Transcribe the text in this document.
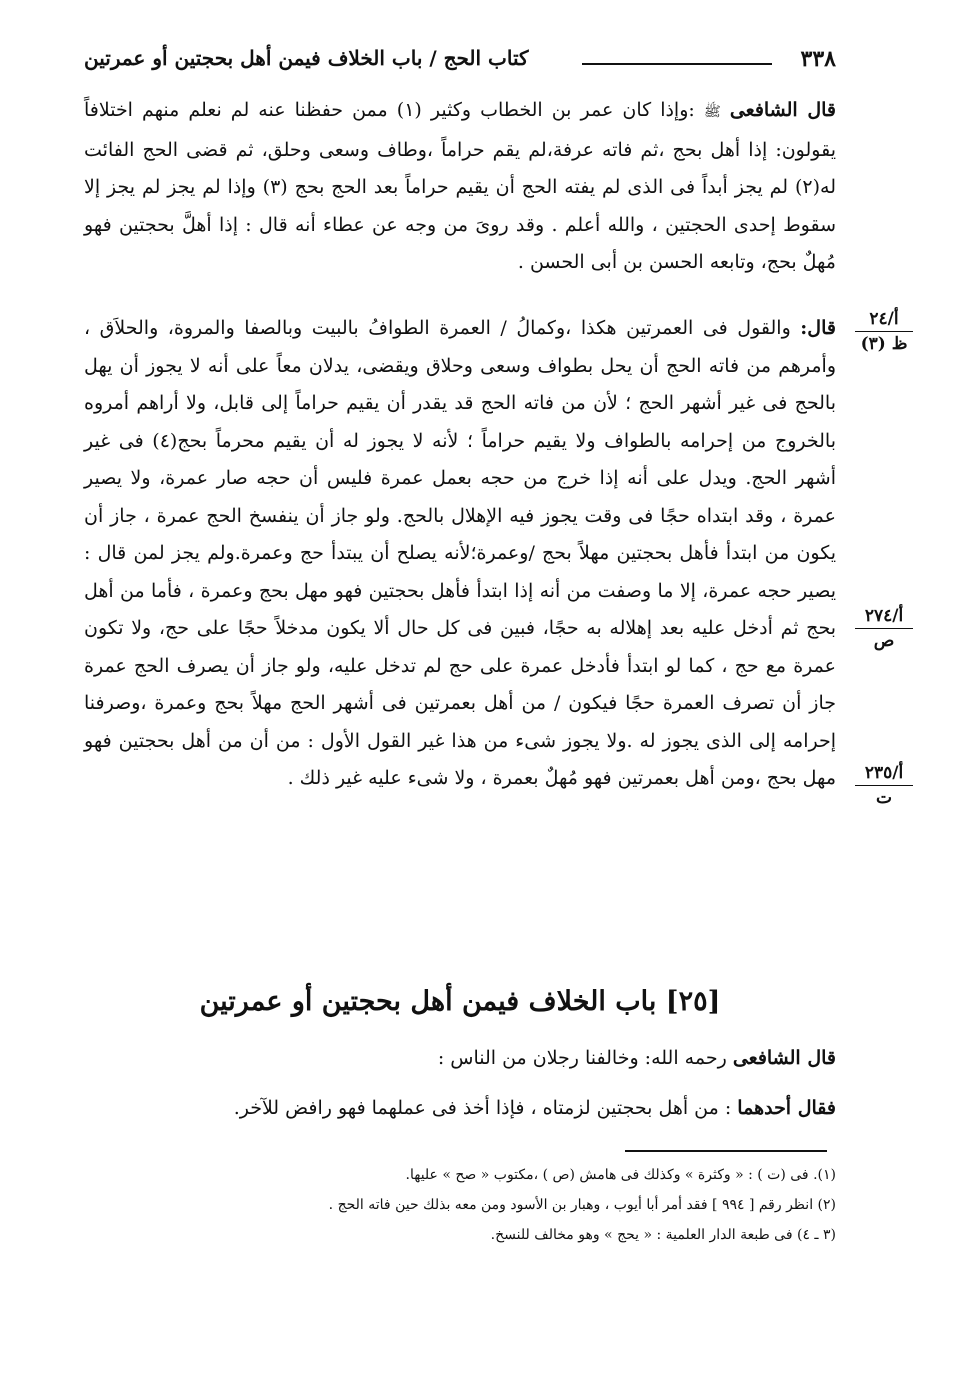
٣٣٨
كتاب الحج / باب الخلاف فيمن أهل بحجتين أو عمرتين

قال الشافعى ﷺ :وإذا كان عمر بن الخطاب وكثير (١) ممن حفظنا عنه لم نعلم منهم اختلافاً يقولون: إذا أهل بحج ،ثم فاته عرفة،لم يقم حراماً ،وطاف وسعى وحلق، ثم قضى الحج الفائت له(٢) لم يجز أبداً فى الذى لم يفته الحج أن يقيم حراماً بعد الحج بحج (٣) وإذا لم يجز لم يجز إلا سقوط إحدى الحجتين ، والله أعلم . وقد روىَ من وجه عن عطاء أنه قال : إذا أهلَّ بحجتين فهو مُهلٌ بحج، وتابعه الحسن بن أبى الحسن .

قال: والقول فى العمرتين هكذا ،وكمالُ / العمرة الطوافُ بالبيت وبالصفا والمروة، والحلاَق ، وأمرهم من فاته الحج أن يحل بطواف وسعى وحلاق ويقضى، يدلان معاً على أنه لا يجوز أن يهل بالحج فى غير أشهر الحج ؛ لأن من فاته الحج قد يقدر أن يقيم حراماً إلى قابل، ولا أراهم أمروه بالخروج من إحرامه بالطواف ولا يقيم حراماً ؛ لأنه لا يجوز له أن يقيم محرماً بحج(٤) فى غير أشهر الحج. ويدل على أنه إذا خرج من حجه بعمل عمرة فليس أن حجه صار عمرة، ولا يصير عمرة ، وقد ابتداه حجًا فى وقت يجوز فيه الإهلال بالحج. ولو جاز أن ينفسخ الحج عمرة ، جاز أن يكون من ابتدأ فأهل بحجتين مهلاً بحج /وعمرة؛لأنه يصلح أن يبتدأ حج وعمرة.ولم يجز لمن قال : يصير حجه عمرة، إلا ما وصفت من أنه إذا ابتدأ فأهل بحجتين فهو مهل بحج وعمرة ، فأما من أهل بحج ثم أدخل عليه بعد إهلاله به حجًا، فبين فى كل حال ألا يكون مدخلاً حجًا على حج، ولا تكون عمرة مع حج ، كما لو ابتدأ فأدخل عمرة على حج لم تدخل عليه، ولو جاز أن يصرف الحج عمرة جاز أن تصرف العمرة حجًا فيكون / من أهل بعمرتين فى أشهر الحج مهلاً بحج وعمرة ،وصرفنا إحرامه إلى الذى يجوز له .ولا يجوز شىء من هذا غير القول الأول : من أن من أهل بحجتين فهو مهل بحج ،ومن أهل بعمرتين فهو مُهلٌ بعمرة ، ولا شىء عليه غير ذلك .

أ/٢٤
ظ (٣)
أ/٢٧٤
ص
أ/٢٣٥
ت
[٢٥] باب الخلاف فيمن أهل بحجتين أو عمرتين

قال الشافعى رحمه الله: وخالفنا رجلان من الناس :

فقال أحدهما : من أهل بحجتين لزمتاه ، فإذا أخذ فى عملهما فهو رافض للآخر.

(١). فى (ت ) : « وكثرة » وكذلك فى هامش (ص ) ،مكتوب « صح » عليها.
(٢) انظر رقم [ ٩٩٤ ] فقد أمر أبا أيوب ، وهبار بن الأسود ومن معه بذلك حين فاته الحج .
(٣ ـ ٤) فى طبعة الدار العلمية : « يحج » وهو مخالف للنسخ.
